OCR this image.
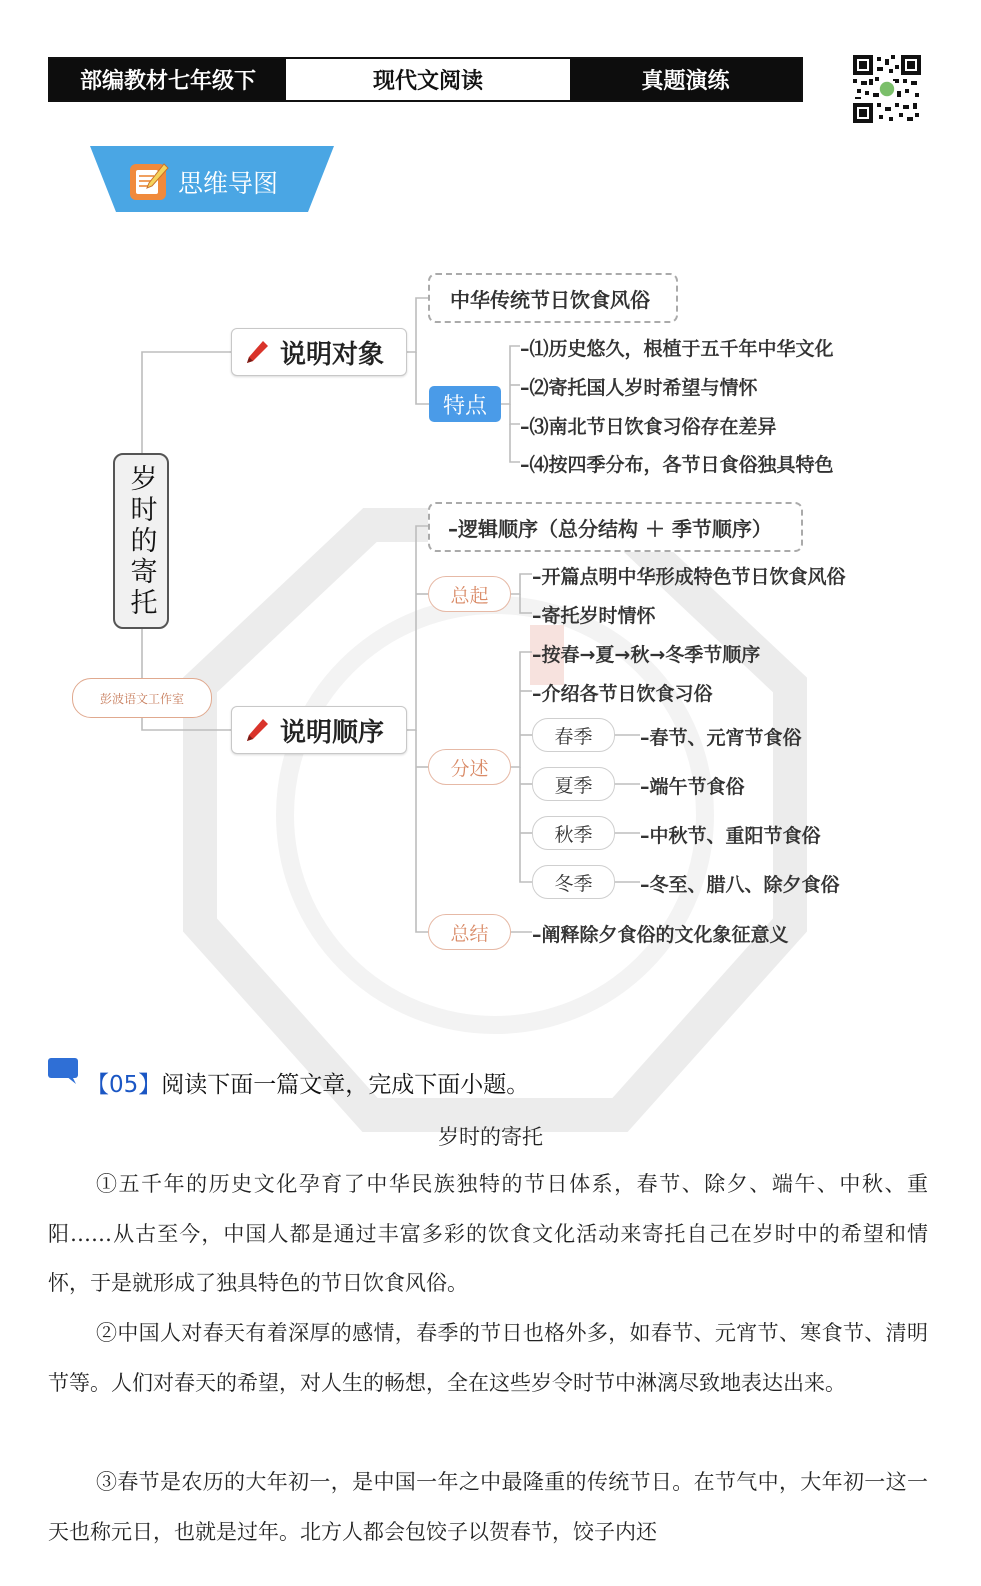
部编教材七年级下	现代文阅读	真题演练
思维导图
岁时的寄托
彭波语文工作室
说明对象
中华传统节日饮食风俗
特点
–⑴历史悠久，根植于五千年中华文化
–⑵寄托国人岁时希望与情怀
–⑶南北节日饮食习俗存在差异
–⑷按四季分布，各节日食俗独具特色
说明顺序
–逻辑顺序（总分结构 ＋ 季节顺序）
总起
–开篇点明中华形成特色节日饮食风俗
–寄托岁时情怀
分述
–按春→夏→秋→冬季节顺序
–介绍各节日饮食习俗
春季	–春节、元宵节食俗
夏季	–端午节食俗
秋季	–中秋节、重阳节食俗
冬季	–冬至、腊八、除夕食俗
总结	–阐释除夕食俗的文化象征意义
【05】阅读下面一篇文章，完成下面小题。
岁时的寄托
①五千年的历史文化孕育了中华民族独特的节日体系，春节、除夕、端午、中秋、重阳……从古至今，中国人都是通过丰富多彩的饮食文化活动来寄托自己在岁时中的希望和情怀，于是就形成了独具特色的节日饮食风俗。
②中国人对春天有着深厚的感情，春季的节日也格外多，如春节、元宵节、寒食节、清明节等。人们对春天的希望，对人生的畅想，全在这些岁令时节中淋漓尽致地表达出来。
③春节是农历的大年初一，是中国一年之中最隆重的传统节日。在节气中，大年初一这一天也称元日，也就是过年。北方人都会包饺子以贺春节，饺子内还
